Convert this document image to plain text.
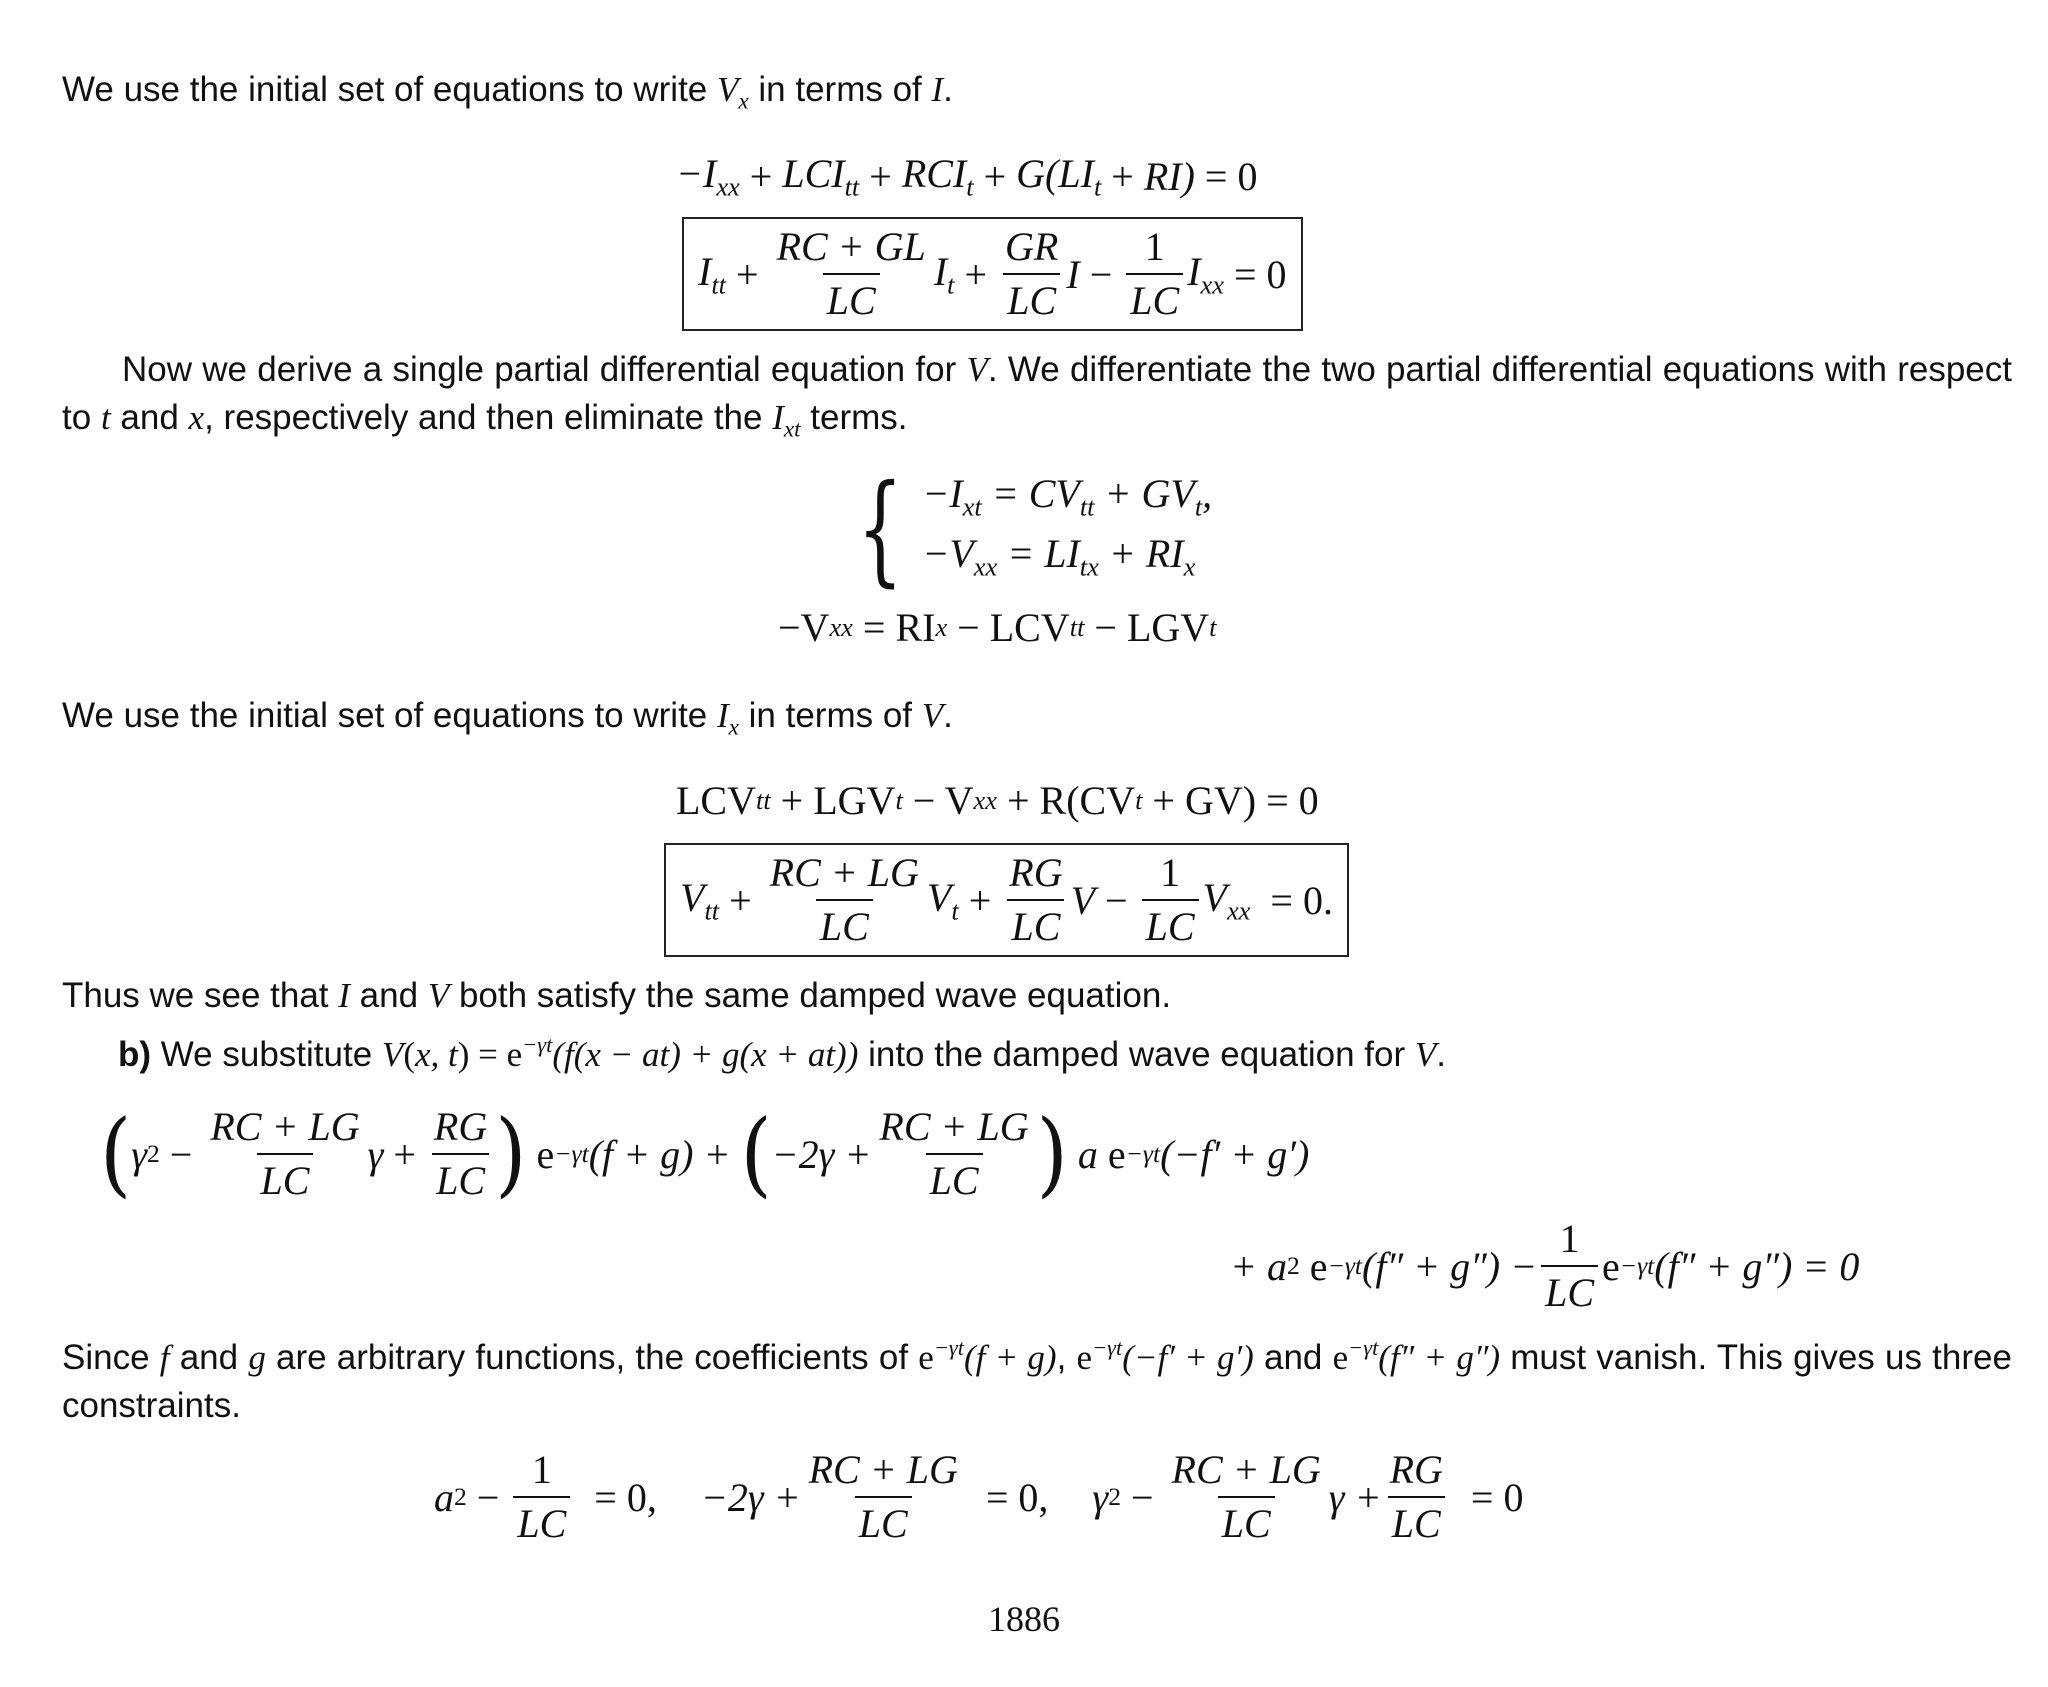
We use the initial set of equations to write $V_x$ in terms of I.
$-I_{xx} + LCI_{tt} + RCI_t + G(LI_t + RI) = 0$
$I_{tt} + \frac{RC + GL}{LC} I_t + \frac{GR}{LC}$ $I - \frac{1}{LC} I_{xx} = 0$
Now we derive a single partial differential equation for V. We differentiate the two partial differential equations with respect to t and x, respectively and then eliminate the $I_{xt}$ terms.
{ $-I_{xt} = CV_{tt} + GV_t$,
$-V_{xx} = LI_{tx} + RI_x$
−V xx
= RI x
− LCV tt
− LGV t
We use the initial set of equations to write $I_x$ in terms of V.
LCV tt
+ LGV t
− V xx
+ R(CV t
+ GV) = 0
$V_{tt} + \frac{RC + LG}{LC} V_t + \frac{RG}{LC}$ $V - \frac{1}{LC} V_{xx} = 0$.
Thus we see that I and V both satisfy the same damped wave equation.
b) We substitute V(x, $t) = e^{-\gamma t}(f(x - at) + g(x + at))$ into the damped wave equation for V.
( γ $2 - \frac{RC + LG}{LC}$ $\gamma + \frac{RG}{LC}$ )
e −γt (f + g) +
( $-2\gamma + \frac{RC + LG}{LC}$ )
a
e −γt (−f′ + g′)
+ a 2
e −γt $(f'' + g'') - \frac{1}{LC}$ e −γt (f″ + g″) = 0
Since f and g are arbitrary functions, the coefficients of $e^{-\gamma t}(f + g)$, $e^{-\gamma t}(-f' + g')$ and $e^{-\gamma t}(f'' + g'')$ must vanish. This gives us three constraints.
a $2 - \frac{1}{LC} = 0$, $-2\gamma + \frac{RC + LG}{LC} = 0$, γ $2 - \frac{RC + LG}{LC}$ $\gamma + \frac{RG}{LC} = 0$
1886
